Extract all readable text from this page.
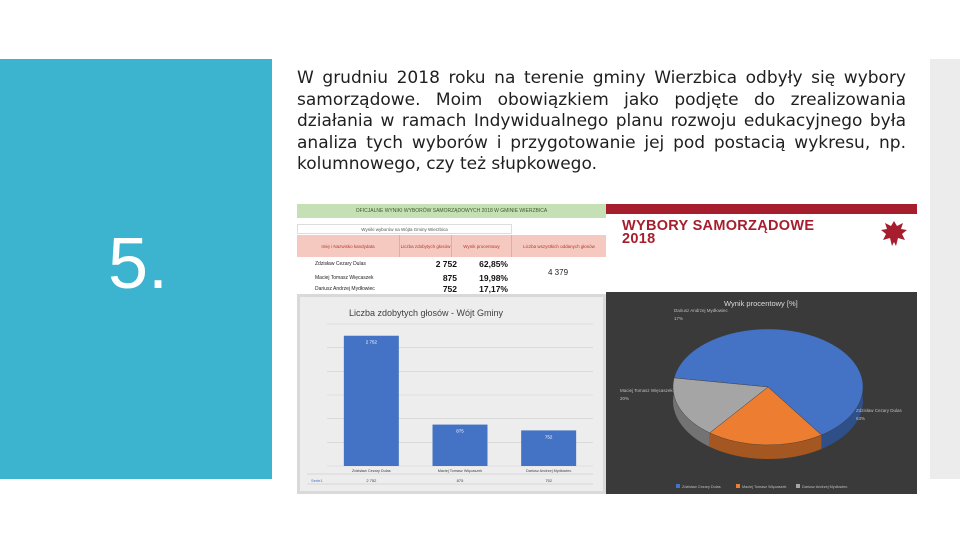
5.

W grudniu 2018 roku na terenie gminy Wierzbica odbyły się wybory samorządowe. Moim obowiązkiem jako podjęte do zrealizowania działania w ramach Indywidualnego planu rozwoju edukacyjnego była analiza tych wyborów i przygotowanie jej pod postacią wykresu, np. kolumnowego, czy też słupkowego.

OFICJALNE WYNIKI WYBORÓW SAMORZĄDOWYCH 2018 W GMINIE WIERZBICA
Wyniki wyborów na Wójta Gminy Wierzbica
Imię i Nazwisko kandydata	Liczba zdobytych głosów	Wynik procentowy	Liczba wszystkich oddanych głosów
Zdzisław Cezary Dulas	2 752	62,85%
Maciej Tomasz Więcaszek	875	19,98%
Dariusz Andrzej Mydłowiec	752	17,17%
4 379
WYBORY SAMORZĄDOWE
2018
Liczba zdobytych głosów - Wójt Gminy
2 752
875
752
Serie1
Zdzisław Cezary Dulas
2 752
Maciej Tomasz Więcaszek
875
Dariusz Andrzej Mydłowiec
752
Wynik procentowy [%]
Zdzisław Cezary Dulas
63%
Maciej Tomasz Więcaszek
20%
Dariusz Andrzej Mydłowiec
17%
Zdzisław Cezary Dulas	Maciej Tomasz Więcaszek	Dariusz Andrzej Mydłowiec
